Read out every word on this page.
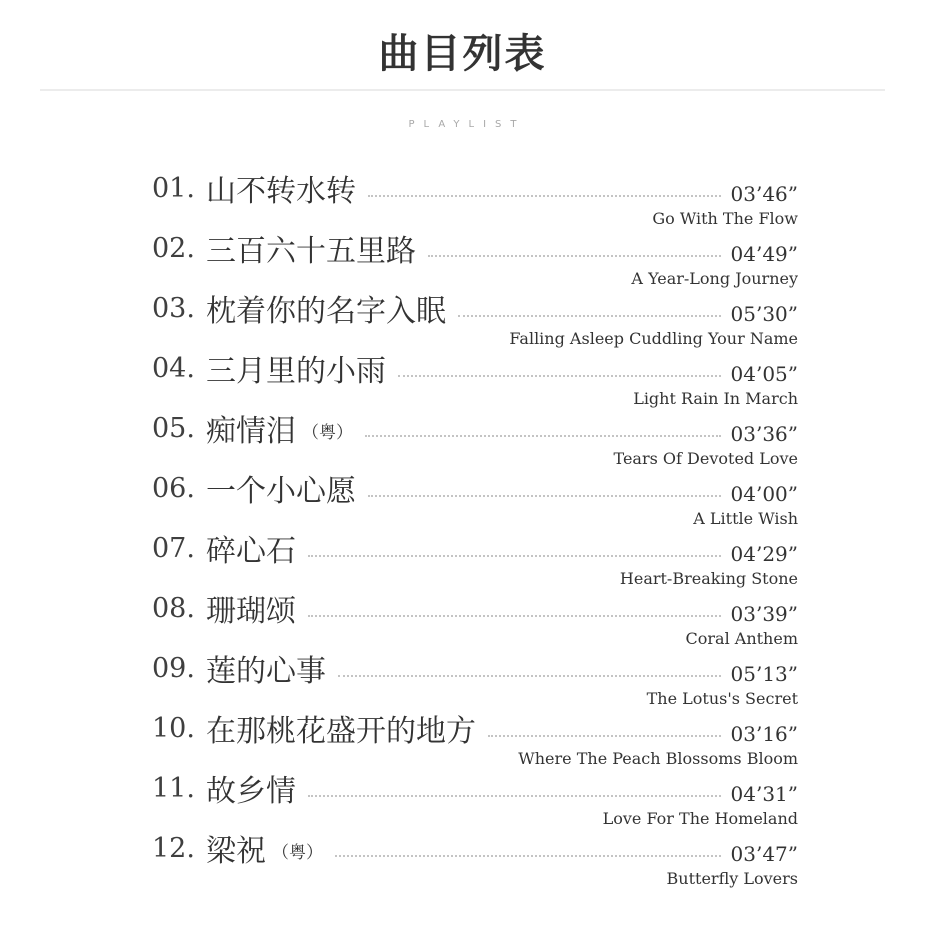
曲目列表
PLAYLIST
01. 山不转水转	03’46”
Go With The Flow
02. 三百六十五里路	04’49”
A Year-Long Journey
03. 枕着你的名字入眠	05’30”
Falling Asleep Cuddling Your Name
04. 三月里的小雨	04’05”
Light Rain In March
05. 痴情泪 （粤）	03’36”
Tears Of Devoted Love
06. 一个小心愿	04’00”
A Little Wish
07. 碎心石	04’29”
Heart-Breaking Stone
08. 珊瑚颂	03’39”
Coral Anthem
09. 莲的心事	05’13”
The Lotus's Secret
10. 在那桃花盛开的地方	03’16”
Where The Peach Blossoms Bloom
11. 故乡情	04’31”
Love For The Homeland
12. 梁祝 （粤）	03’47”
Butterfly Lovers
